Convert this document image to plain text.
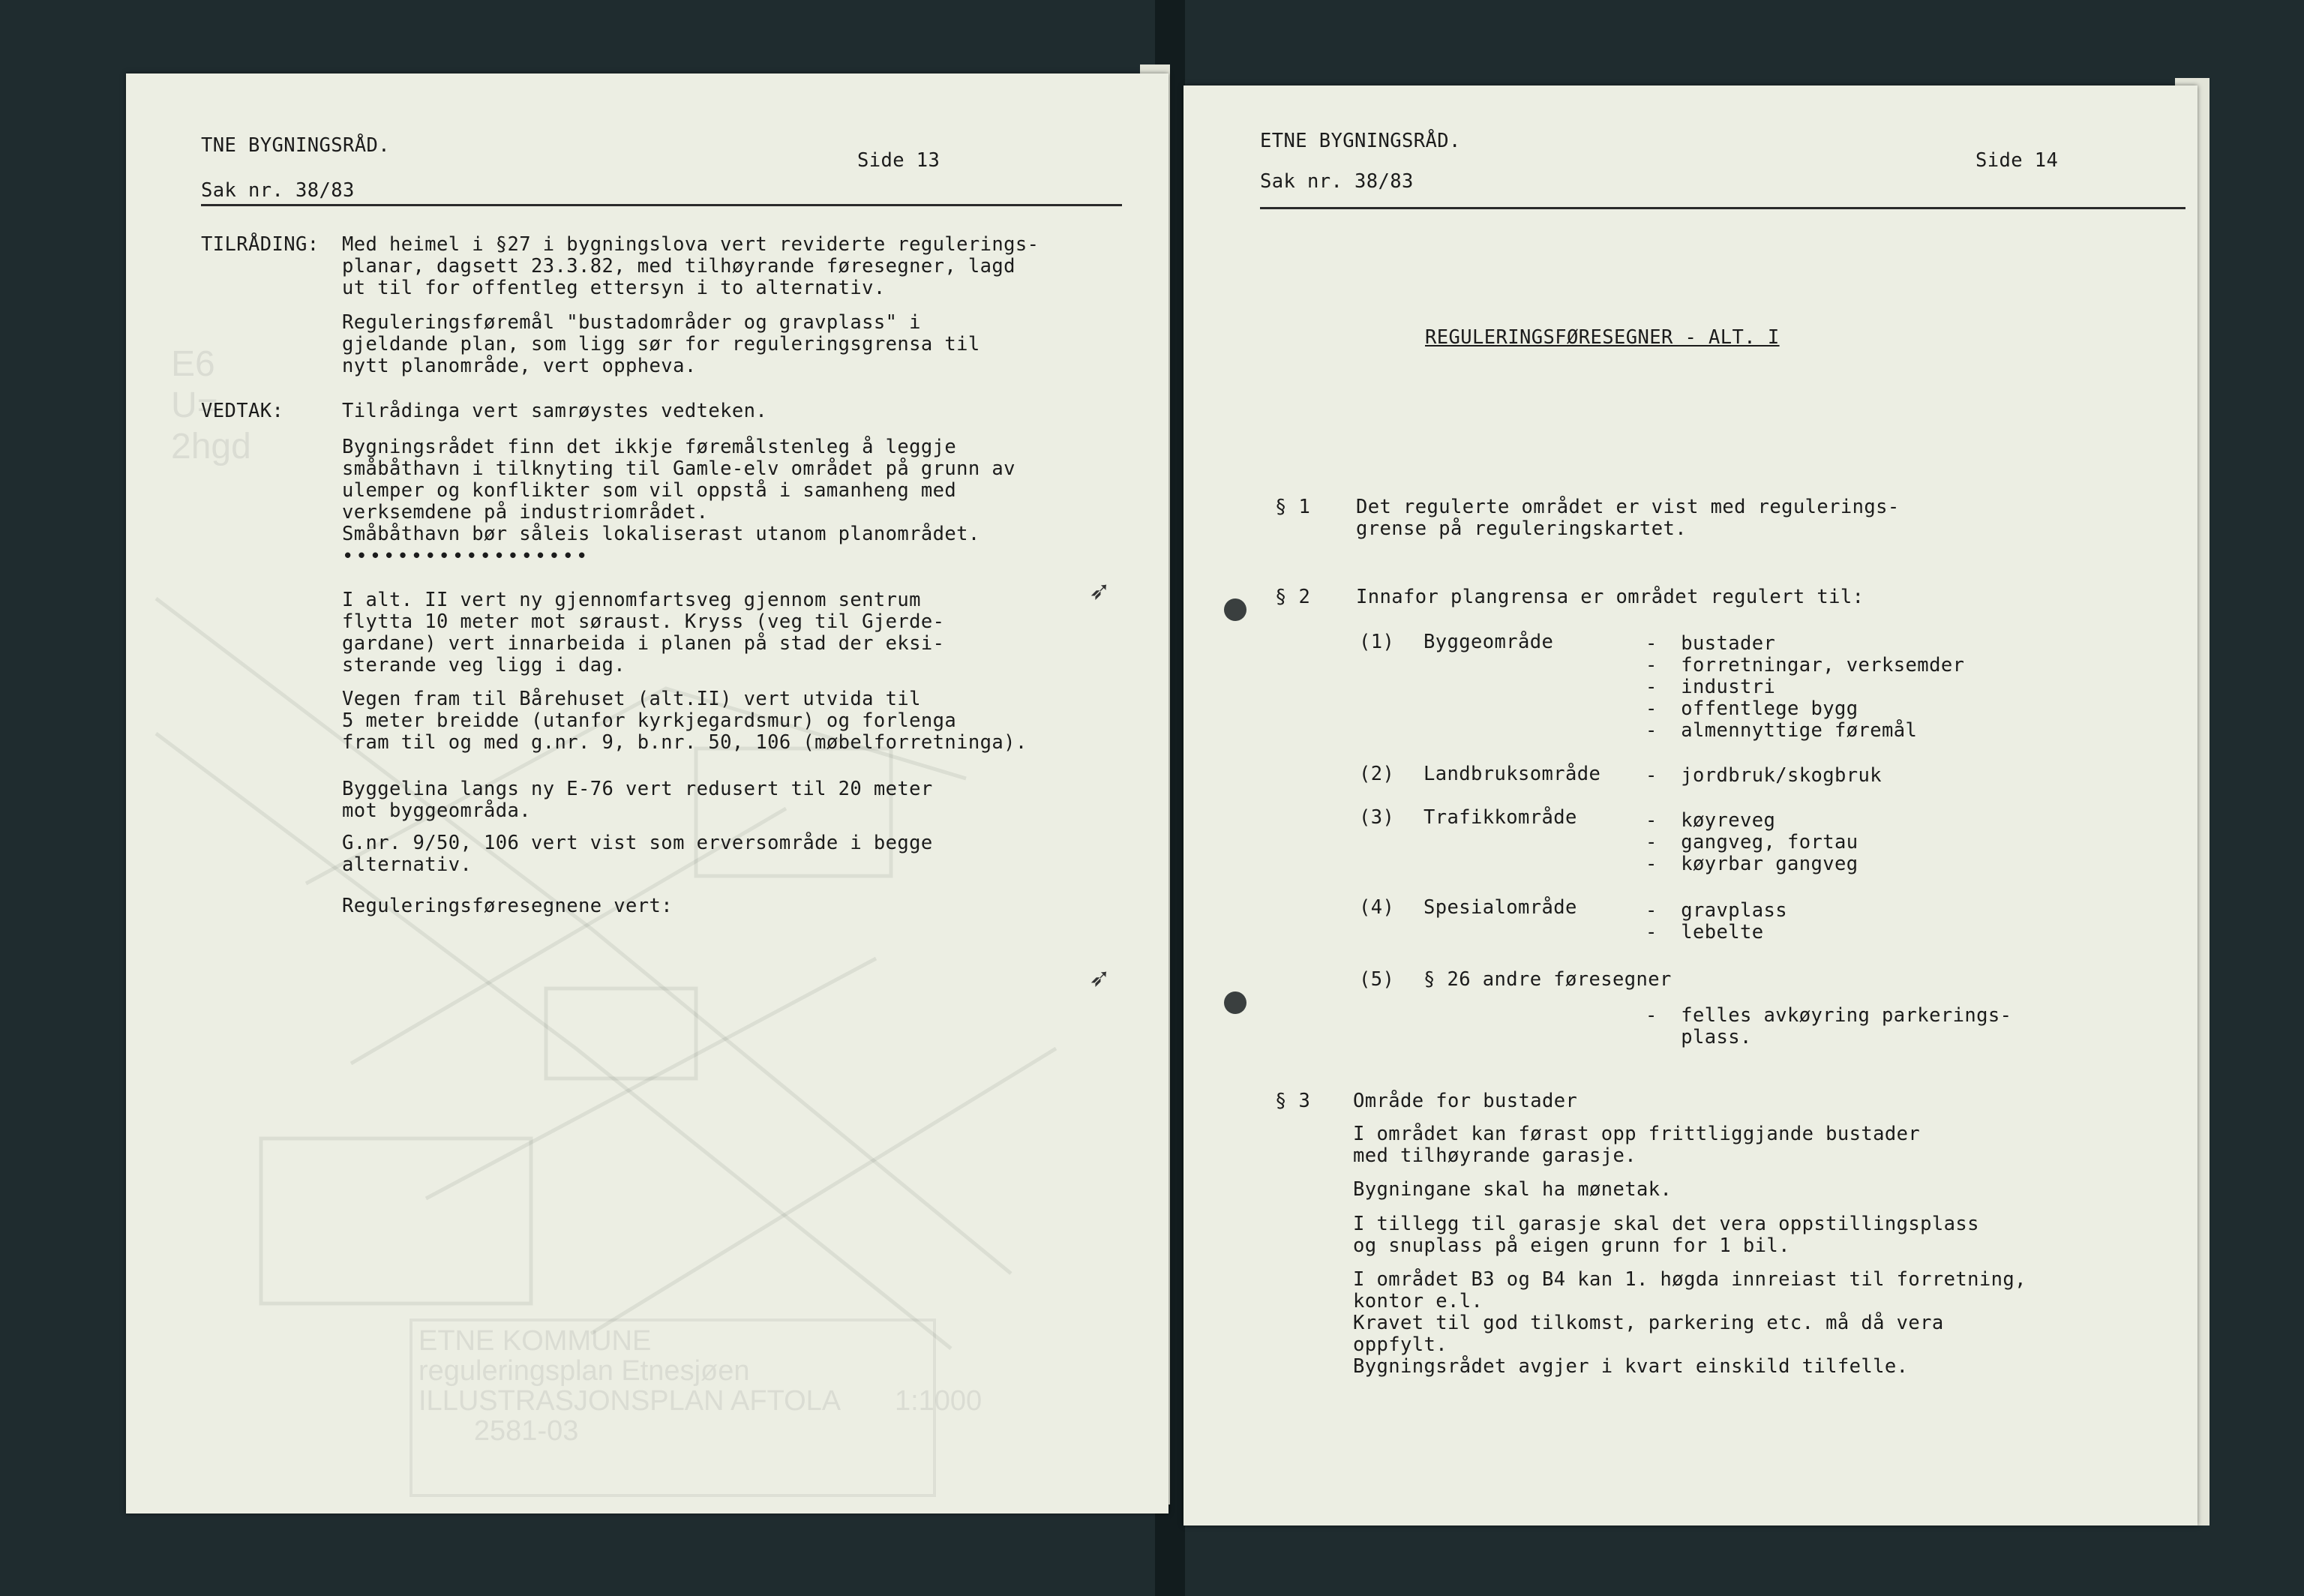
E6
U=
2hgd
ETNE KOMMUNE
reguleringsplan Etnesjøen
ILLUSTRASJONSPLAN AFTOLA 1:1000
2581-03
TNE BYGNINGSRÅD.
Side 13
Sak nr. 38/83
TILRÅDING: Med heimel i §27 i bygningslova vert reviderte regulerings-
planar, dagsett 23.3.82, med tilhøyrande føresegner, lagd
ut til for offentleg ettersyn i to alternativ.
Reguleringsføremål "bustadområder og gravplass" i
gjeldande plan, som ligg sør for reguleringsgrensa til
nytt planområde, vert oppheva.
VEDTAK:	Tilrådinga vert samrøystes vedteken.
Bygningsrådet finn det ikkje føremålstenleg å leggje
småbåthavn i tilknyting til Gamle-elv området på grunn av
ulemper og konflikter som vil oppstå i samanheng med
verksemdene på industriområdet.
Småbåthavn bør såleis lokaliserast utanom planområdet.
••••••••••••••••••
I alt. II vert ny gjennomfartsveg gjennom sentrum
flytta 10 meter mot søraust. Kryss (veg til Gjerde-
gardane) vert innarbeida i planen på stad der eksi-
sterande veg ligg i dag.
Vegen fram til Bårehuset (alt.II) vert utvida til
5 meter breidde (utanfor kyrkjegardsmur) og forlenga
fram til og med g.nr. 9, b.nr. 50, 106 (møbelforretninga).
Byggelina langs ny E-76 vert redusert til 20 meter
mot byggeområda.
G.nr. 9/50, 106 vert vist som erversområde i begge
alternativ.
Reguleringsføresegnene vert:
➶
➶
ETNE BYGNINGSRÅD.
Side 14
Sak nr. 38/83
REGULERINGSFØRESEGNER - ALT. I
§ 1 Det regulerte området er vist med regulerings-
grense på reguleringskartet.
§ 2 Innafor plangrensa er området regulert til:
(1) Byggeområde	-  bustader
-  forretningar, verksemder
-  industri
-  offentlege bygg
-  almennyttige føremål
(2) Landbruksområde -  jordbruk/skogbruk
(3) Trafikkområde	-  køyreveg
-  gangveg, fortau
-  køyrbar gangveg
(4) Spesialområde	-  gravplass
-  lebelte
(5) § 26 andre føresegner
-  felles avkøyring parkerings-
plass.
§ 3 Område for bustader
I området kan førast opp frittliggjande bustader
med tilhøyrande garasje.
Bygningane skal ha mønetak.
I tillegg til garasje skal det vera oppstillingsplass
og snuplass på eigen grunn for 1 bil.
I området B3 og B4 kan 1. høgda innreiast til forretning,
kontor e.l.
Kravet til god tilkomst, parkering etc. må då vera
oppfylt.
Bygningsrådet avgjer i kvart einskild tilfelle.
